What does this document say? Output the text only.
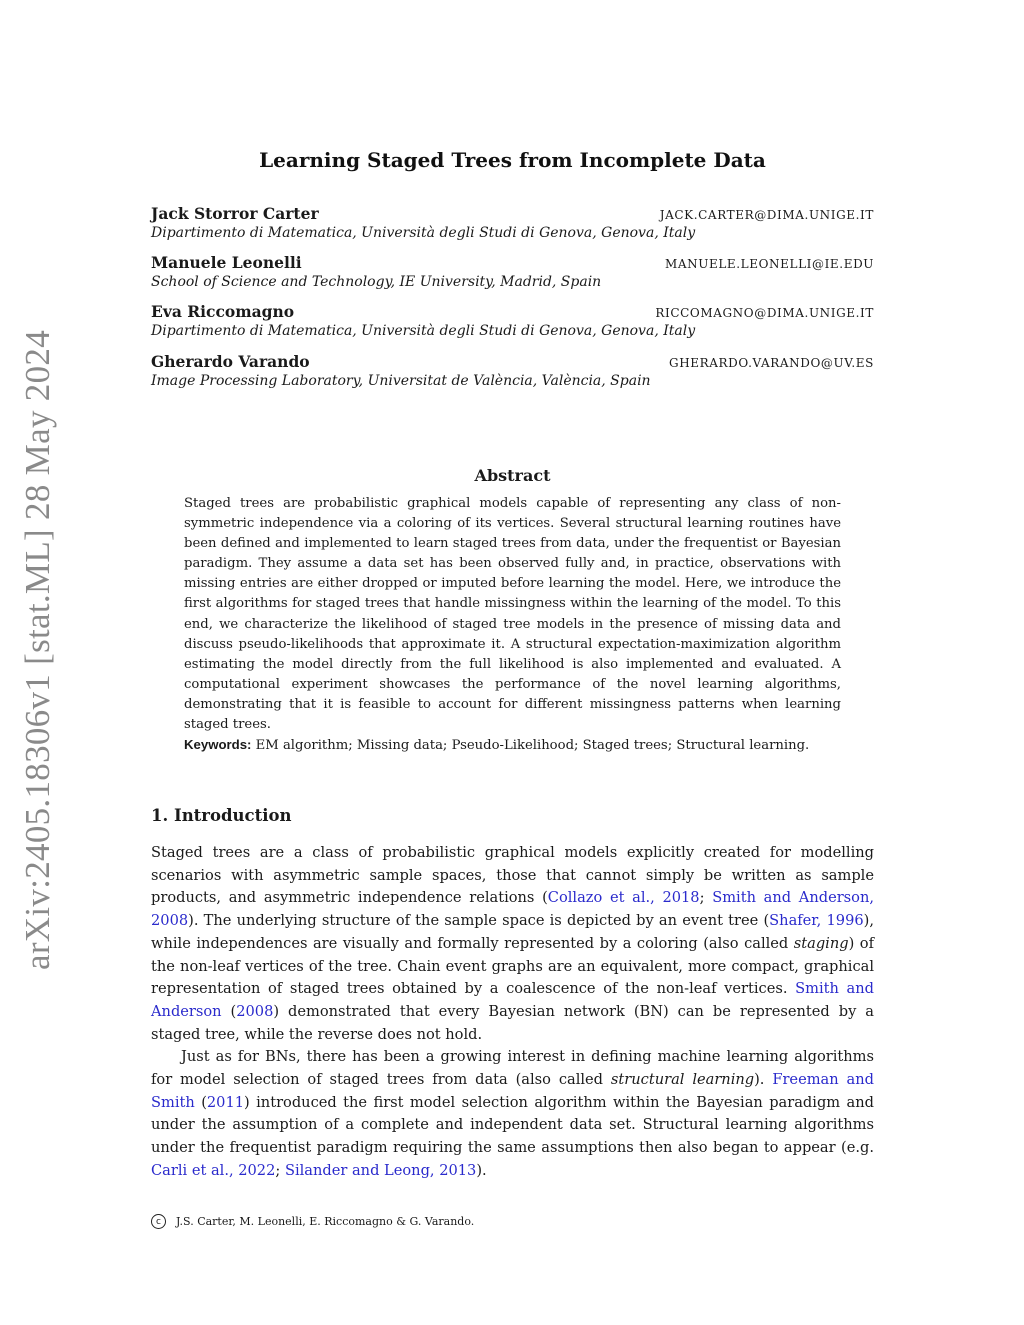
arXiv:2405.18306v1 [stat.ML] 28 May 2024
Learning Staged Trees from Incomplete Data
Jack Storror Carter	JACK.CARTER@DIMA.UNIGE.IT
Dipartimento di Matematica, Università degli Studi di Genova, Genova, Italy
Manuele Leonelli	MANUELE.LEONELLI@IE.EDU
School of Science and Technology, IE University, Madrid, Spain
Eva Riccomagno	RICCOMAGNO@DIMA.UNIGE.IT
Dipartimento di Matematica, Università degli Studi di Genova, Genova, Italy
Gherardo Varando	GHERARDO.VARANDO@UV.ES
Image Processing Laboratory, Universitat de València, València, Spain
Abstract
Staged trees are probabilistic graphical models capable of representing any class of non-symmetric independence via a coloring of its vertices. Several structural learning routines have been defined and implemented to learn staged trees from data, under the frequentist or Bayesian paradigm. They assume a data set has been observed fully and, in practice, observations with missing entries are either dropped or imputed before learning the model. Here, we introduce the first algorithms for staged trees that handle missingness within the learning of the model. To this end, we characterize the likelihood of staged tree models in the presence of missing data and discuss pseudo-likelihoods that approximate it. A structural expectation-maximization algorithm estimating the model directly from the full likelihood is also implemented and evaluated. A computational experiment showcases the performance of the novel learning algorithms, demonstrating that it is feasible to account for different missingness patterns when learning staged trees.
Keywords: EM algorithm; Missing data; Pseudo-Likelihood; Staged trees; Structural learning.
1. Introduction

Staged trees are a class of probabilistic graphical models explicitly created for modelling scenarios with asymmetric sample spaces, those that cannot simply be written as sample products, and asymmetric independence relations (Collazo et al., 2018; Smith and Anderson, 2008). The underlying structure of the sample space is depicted by an event tree (Shafer, 1996), while independences are visually and formally represented by a coloring (also called staging) of the non-leaf vertices of the tree. Chain event graphs are an equivalent, more compact, graphical representation of staged trees obtained by a coalescence of the non-leaf vertices. Smith and Anderson (2008) demonstrated that every Bayesian network (BN) can be represented by a staged tree, while the reverse does not hold.

Just as for BNs, there has been a growing interest in defining machine learning algorithms for model selection of staged trees from data (also called structural learning). Freeman and Smith (2011) introduced the first model selection algorithm within the Bayesian paradigm and under the assumption of a complete and independent data set. Structural learning algorithms under the frequentist paradigm requiring the same assumptions then also began to appear (e.g. Carli et al., 2022; Silander and Leong, 2013).

c	J.S. Carter, M. Leonelli, E. Riccomagno & G. Varando.
